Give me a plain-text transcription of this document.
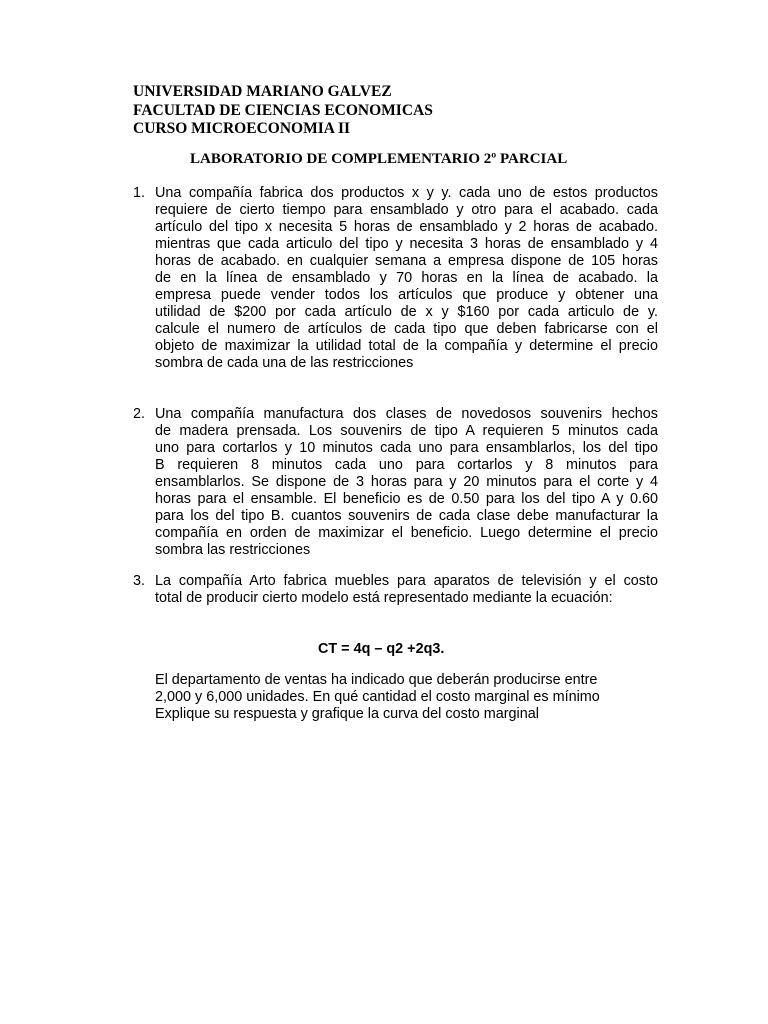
UNIVERSIDAD MARIANO GALVEZ
FACULTAD DE CIENCIAS ECONOMICAS
CURSO MICROECONOMIA II
LABORATORIO DE COMPLEMENTARIO 2º PARCIAL
1. Una compañía fabrica dos productos x y y. cada uno de estos productos
requiere de cierto tiempo para ensamblado y otro para el acabado. cada
artículo del tipo x necesita 5 horas de ensamblado y 2 horas de acabado.
mientras que cada articulo del tipo y necesita 3 horas de ensamblado y 4
horas de acabado. en cualquier semana a empresa dispone de 105 horas
de en la línea de ensamblado y 70 horas en la línea de acabado. la
empresa puede vender todos los artículos que produce y obtener una
utilidad de $200 por cada artículo de x y $160 por cada articulo de y.
calcule el numero de artículos de cada tipo que deben fabricarse con el
objeto de maximizar la utilidad total de la compañía y determine el precio
sombra de cada una de las restricciones
2. Una compañía manufactura dos clases de novedosos souvenirs hechos
de madera prensada. Los souvenirs de tipo A requieren 5 minutos cada
uno para cortarlos y 10 minutos cada uno para ensamblarlos, los del tipo
B requieren 8 minutos cada uno para cortarlos y 8 minutos para
ensamblarlos. Se dispone de 3 horas para y 20 minutos para el corte y 4
horas para el ensamble. El beneficio es de 0.50 para los del tipo A y 0.60
para los del tipo B. cuantos souvenirs de cada clase debe manufacturar la
compañía en orden de maximizar el beneficio. Luego determine el precio
sombra las restricciones
3. La compañía Arto fabrica muebles para aparatos de televisión y el costo
total de producir cierto modelo está representado mediante la ecuación:
CT = 4q – q2 +2q3.
El departamento de ventas ha indicado que deberán producirse entre
2,000 y 6,000 unidades. En qué cantidad el costo marginal es mínimo
Explique su respuesta y grafique la curva del costo marginal
